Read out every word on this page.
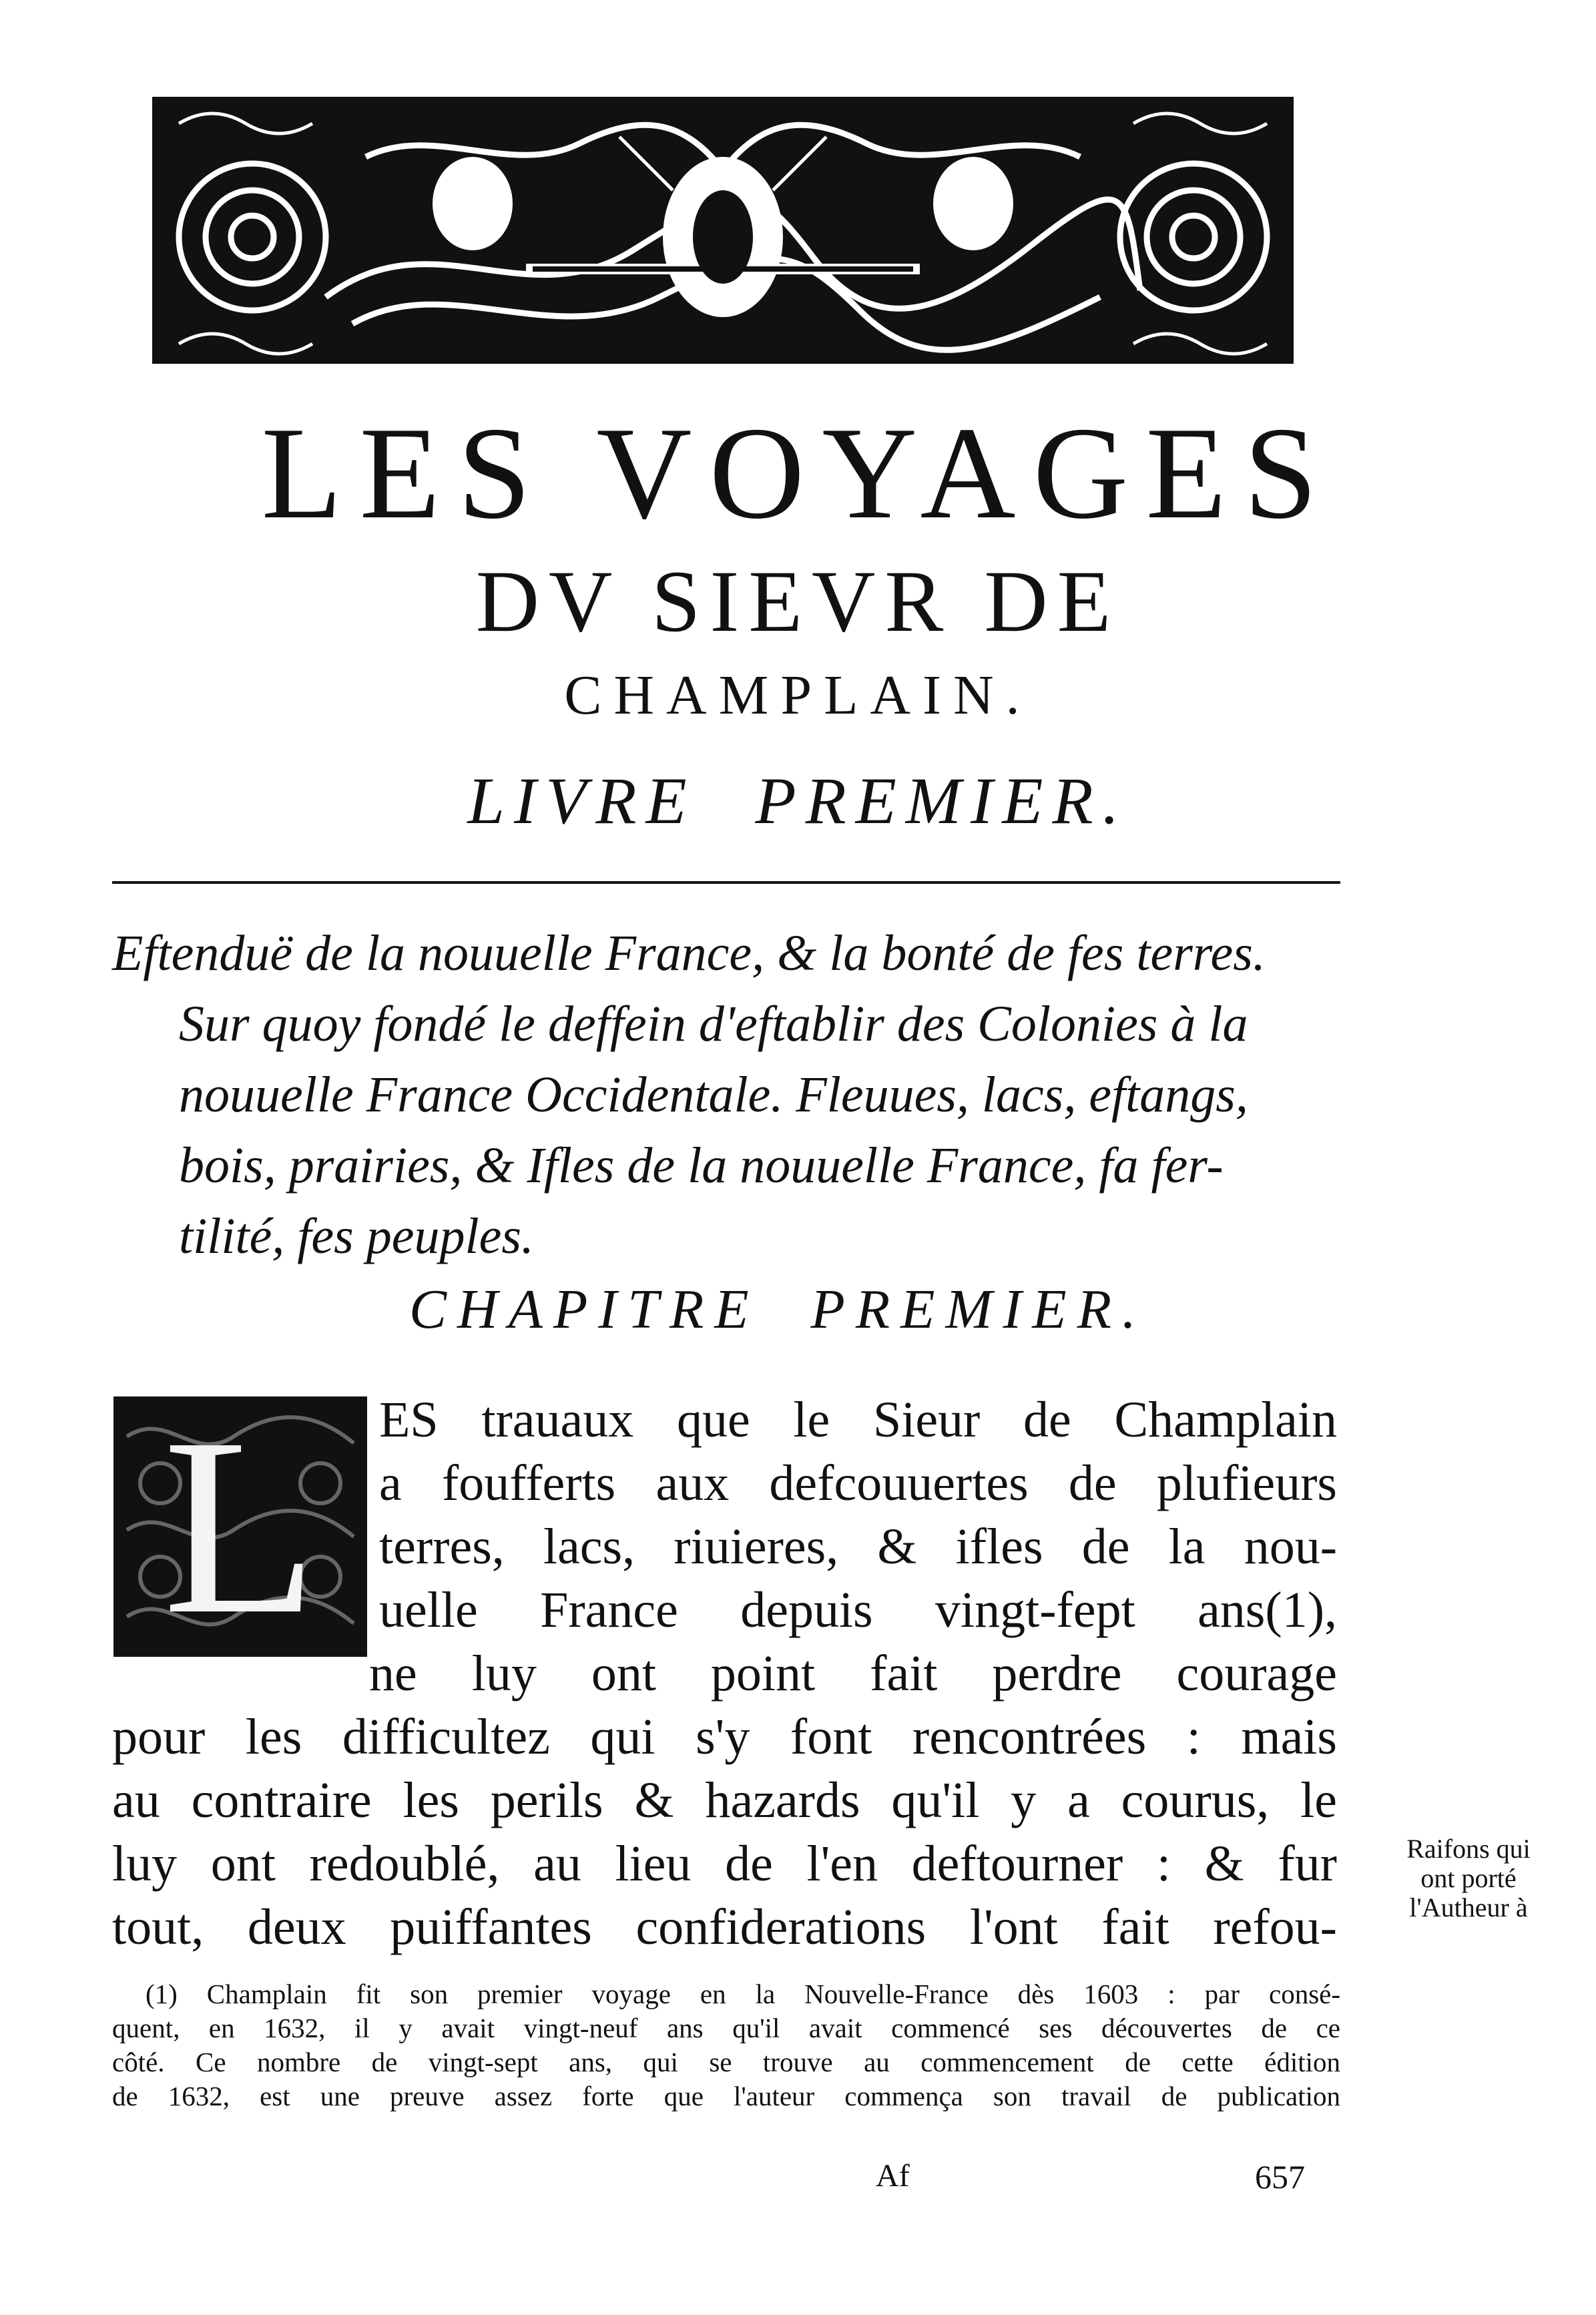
LES VOYAGES
DV SIEVR DE
CHAMPLAIN.
LIVRE PREMIER.
Eftenduë de la nouuelle France, & la bonté de fes terres.
Sur quoy fondé le deffein d'eftablir des Colonies à la
nouuelle France Occidentale. Fleuues, lacs, eftangs,
bois, prairies, & Ifles de la nouuelle France, fa fer-
tilité, fes peuples.
CHAPITRE PREMIER.
L	ES trauaux que le Sieur de Champlain
a foufferts aux defcouuertes de plufieurs
terres, lacs, riuieres, & ifles de la nou-
uelle France depuis vingt-fept ans(1),
ne luy ont point fait perdre courage
pour les difficultez qui s'y font rencontrées : mais
au contraire les perils & hazards qu'il y a courus, le
luy ont redoublé, au lieu de l'en deftourner : & fur
tout, deux puiffantes confiderations l'ont fait refou-
Raifons qui
ont porté
l'Autheur à
(1) Champlain fit son premier voyage en la Nouvelle-France dès 1603 : par consé-
quent, en 1632, il y avait vingt-neuf ans qu'il avait commencé ses découvertes de ce
côté. Ce nombre de vingt-sept ans, qui se trouve au commencement de cette édition
de 1632, est une preuve assez forte que l'auteur commença son travail de publication
Af	657
